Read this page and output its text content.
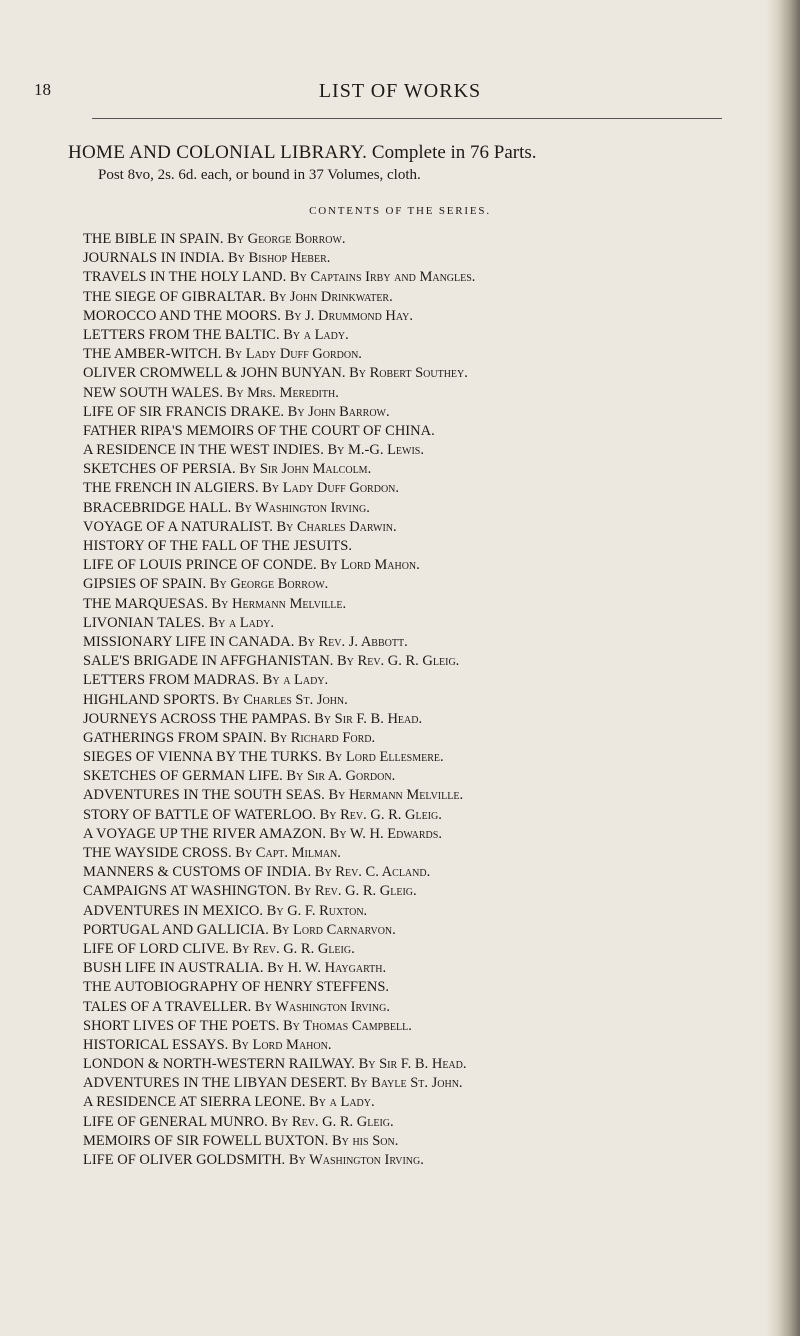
18	LIST OF WORKS
HOME AND COLONIAL LIBRARY. Complete in 76 Parts.
Post 8vo, 2s. 6d. each, or bound in 37 Volumes, cloth.
CONTENTS OF THE SERIES.
THE BIBLE IN SPAIN. By George Borrow.
JOURNALS IN INDIA. By Bishop Heber.
TRAVELS IN THE HOLY LAND. By Captains Irby and Mangles.
THE SIEGE OF GIBRALTAR. By John Drinkwater.
MOROCCO AND THE MOORS. By J. Drummond Hay.
LETTERS FROM THE BALTIC. By a Lady.
THE AMBER-WITCH. By Lady Duff Gordon.
OLIVER CROMWELL & JOHN BUNYAN. By Robert Southey.
NEW SOUTH WALES. By Mrs. Meredith.
LIFE OF SIR FRANCIS DRAKE. By John Barrow.
FATHER RIPA'S MEMOIRS OF THE COURT OF CHINA.
A RESIDENCE IN THE WEST INDIES. By M.-G. Lewis.
SKETCHES OF PERSIA. By Sir John Malcolm.
THE FRENCH IN ALGIERS. By Lady Duff Gordon.
BRACEBRIDGE HALL. By Washington Irving.
VOYAGE OF A NATURALIST. By Charles Darwin.
HISTORY OF THE FALL OF THE JESUITS.
LIFE OF LOUIS PRINCE OF CONDE. By Lord Mahon.
GIPSIES OF SPAIN. By George Borrow.
THE MARQUESAS. By Hermann Melville.
LIVONIAN TALES. By a Lady.
MISSIONARY LIFE IN CANADA. By Rev. J. Abbott.
SALE'S BRIGADE IN AFFGHANISTAN. By Rev. G. R. Gleig.
LETTERS FROM MADRAS. By a Lady.
HIGHLAND SPORTS. By Charles St. John.
JOURNEYS ACROSS THE PAMPAS. By Sir F. B. Head.
GATHERINGS FROM SPAIN. By Richard Ford.
SIEGES OF VIENNA BY THE TURKS. By Lord Ellesmere.
SKETCHES OF GERMAN LIFE. By Sir A. Gordon.
ADVENTURES IN THE SOUTH SEAS. By Hermann Melville.
STORY OF BATTLE OF WATERLOO. By Rev. G. R. Gleig.
A VOYAGE UP THE RIVER AMAZON. By W. H. Edwards.
THE WAYSIDE CROSS. By Capt. Milman.
MANNERS & CUSTOMS OF INDIA. By Rev. C. Acland.
CAMPAIGNS AT WASHINGTON. By Rev. G. R. Gleig.
ADVENTURES IN MEXICO. By G. F. Ruxton.
PORTUGAL AND GALLICIA. By Lord Carnarvon.
LIFE OF LORD CLIVE. By Rev. G. R. Gleig.
BUSH LIFE IN AUSTRALIA. By H. W. Haygarth.
THE AUTOBIOGRAPHY OF HENRY STEFFENS.
TALES OF A TRAVELLER. By Washington Irving.
SHORT LIVES OF THE POETS. By Thomas Campbell.
HISTORICAL ESSAYS. By Lord Mahon.
LONDON & NORTH-WESTERN RAILWAY. By Sir F. B. Head.
ADVENTURES IN THE LIBYAN DESERT. By Bayle St. John.
A RESIDENCE AT SIERRA LEONE. By a Lady.
LIFE OF GENERAL MUNRO. By Rev. G. R. Gleig.
MEMOIRS OF SIR FOWELL BUXTON. By his Son.
LIFE OF OLIVER GOLDSMITH. By Washington Irving.
